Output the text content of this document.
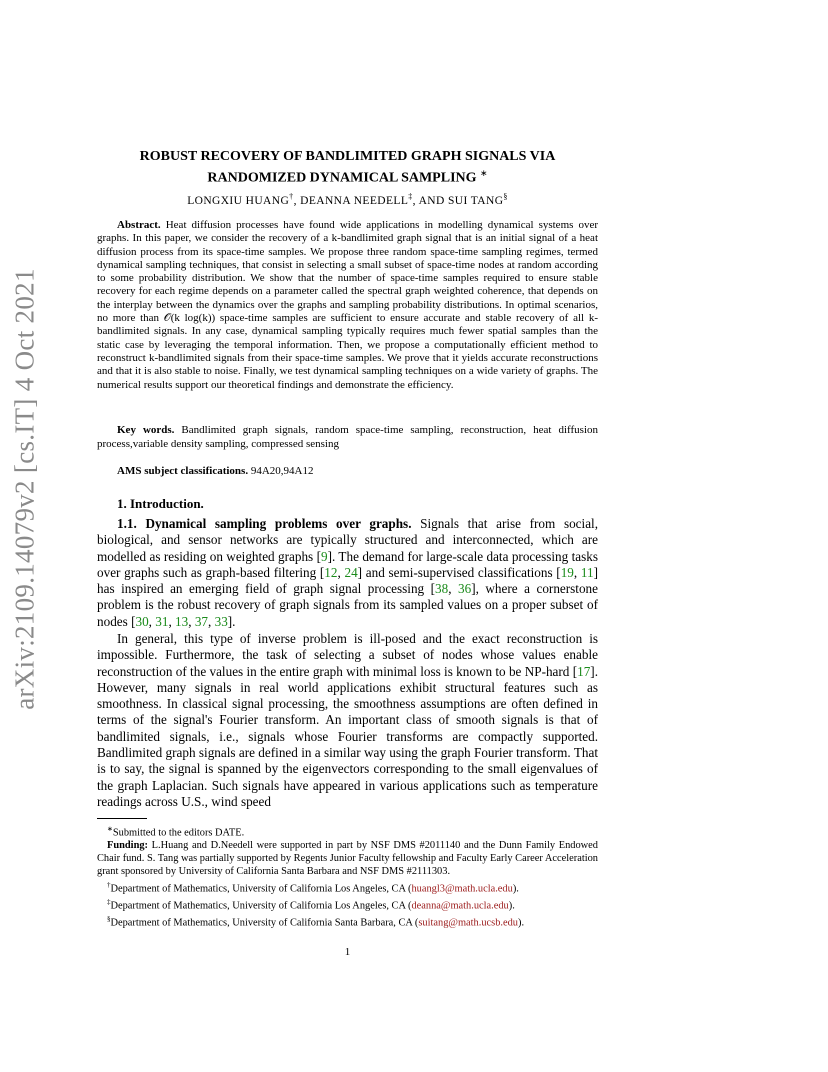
arXiv:2109.14079v2 [cs.IT] 4 Oct 2021
ROBUST RECOVERY OF BANDLIMITED GRAPH SIGNALS VIA
RANDOMIZED DYNAMICAL SAMPLING ∗
LONGXIU HUANG†, DEANNA NEEDELL‡, AND SUI TANG§
Abstract. Heat diffusion processes have found wide applications in modelling dynamical systems over graphs. In this paper, we consider the recovery of a k-bandlimited graph signal that is an initial signal of a heat diffusion process from its space-time samples. We propose three random space-time sampling regimes, termed dynamical sampling techniques, that consist in selecting a small subset of space-time nodes at random according to some probability distribution. We show that the number of space-time samples required to ensure stable recovery for each regime depends on a parameter called the spectral graph weighted coherence, that depends on the interplay between the dynamics over the graphs and sampling probability distributions. In optimal scenarios, no more than 𝒪(k log(k)) space-time samples are sufficient to ensure accurate and stable recovery of all k-bandlimited signals. In any case, dynamical sampling typically requires much fewer spatial samples than the static case by leveraging the temporal information. Then, we propose a computationally efficient method to reconstruct k-bandlimited signals from their space-time samples. We prove that it yields accurate reconstructions and that it is also stable to noise. Finally, we test dynamical sampling techniques on a wide variety of graphs. The numerical results support our theoretical findings and demonstrate the efficiency.
Key words. Bandlimited graph signals, random space-time sampling, reconstruction, heat diffusion process,variable density sampling, compressed sensing
AMS subject classifications. 94A20,94A12
1. Introduction.
1.1. Dynamical sampling problems over graphs. Signals that arise from social, biological, and sensor networks are typically structured and interconnected, which are modelled as residing on weighted graphs [9]. The demand for large-scale data processing tasks over graphs such as graph-based filtering [12, 24] and semi-supervised classifications [19, 11] has inspired an emerging field of graph signal processing [38, 36], where a cornerstone problem is the robust recovery of graph signals from its sampled values on a proper subset of nodes [30, 31, 13, 37, 33].
In general, this type of inverse problem is ill-posed and the exact reconstruction is impossible. Furthermore, the task of selecting a subset of nodes whose values enable reconstruction of the values in the entire graph with minimal loss is known to be NP-hard [17]. However, many signals in real world applications exhibit structural features such as smoothness. In classical signal processing, the smoothness assumptions are often defined in terms of the signal's Fourier transform. An important class of smooth signals is that of bandlimited signals, i.e., signals whose Fourier transforms are compactly supported. Bandlimited graph signals are defined in a similar way using the graph Fourier transform. That is to say, the signal is spanned by the eigenvectors corresponding to the small eigenvalues of the graph Laplacian. Such signals have appeared in various applications such as temperature readings across U.S., wind speed

∗Submitted to the editors DATE.

Funding: L.Huang and D.Needell were supported in part by NSF DMS #2011140 and the Dunn Family Endowed Chair fund. S. Tang was partially supported by Regents Junior Faculty fellowship and Faculty Early Career Acceleration grant sponsored by University of California Santa Barbara and NSF DMS #2111303.

†Department of Mathematics, University of California Los Angeles, CA (huangl3@math.ucla.edu).

‡Department of Mathematics, University of California Los Angeles, CA (deanna@math.ucla.edu).

§Department of Mathematics, University of California Santa Barbara, CA (suitang@math.ucsb.edu).

1
